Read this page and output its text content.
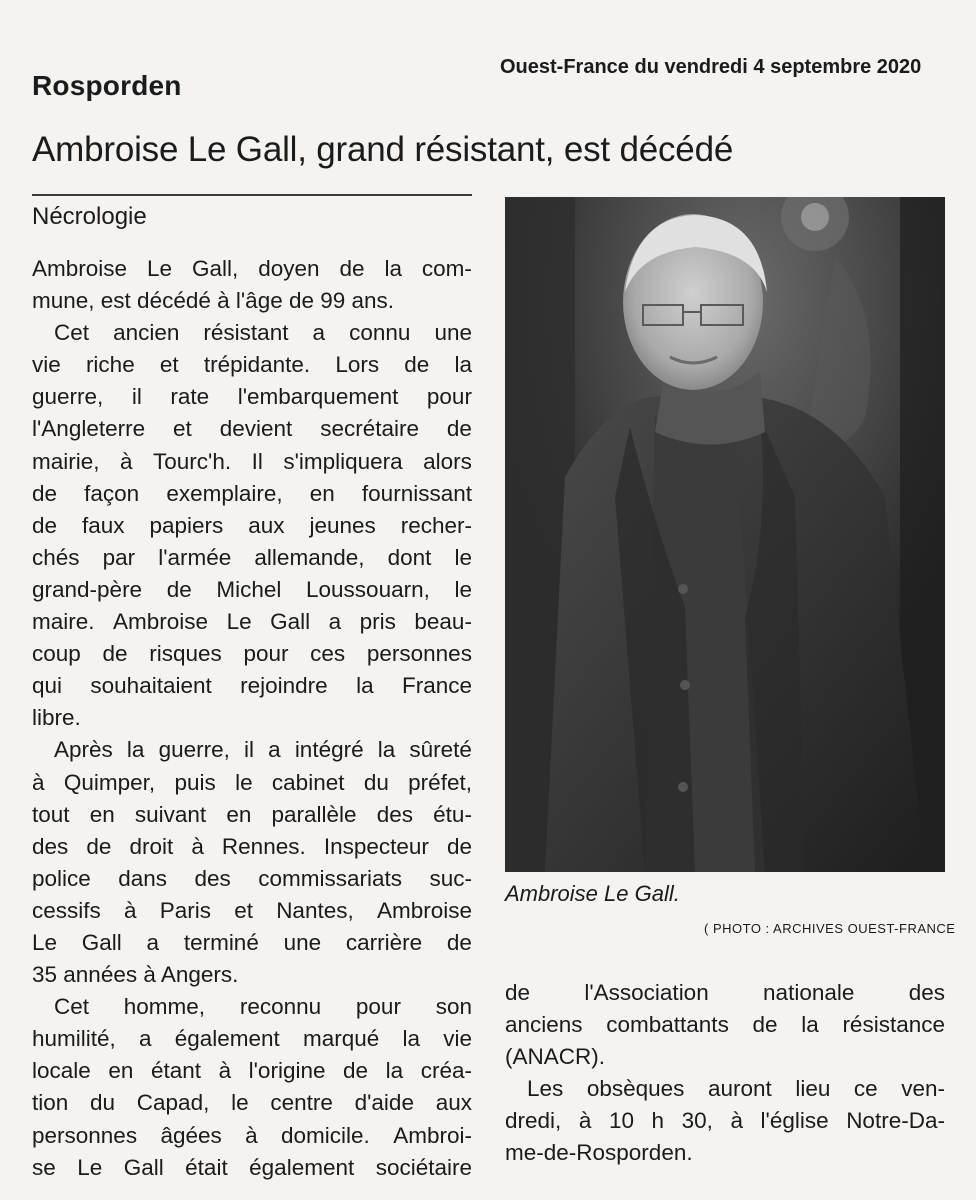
Rosporden
Ouest-France du vendredi 4 septembre 2020
Ambroise Le Gall, grand résistant, est décédé
Nécrologie
Ambroise Le Gall, doyen de la com-
mune, est décédé à l'âge de 99 ans.
Cet ancien résistant a connu une
vie riche et trépidante. Lors de la
guerre, il rate l'embarquement pour
l'Angleterre et devient secrétaire de
mairie, à Tourc'h. Il s'impliquera alors
de façon exemplaire, en fournissant
de faux papiers aux jeunes recher-
chés par l'armée allemande, dont le
grand-père de Michel Loussouarn, le
maire. Ambroise Le Gall a pris beau-
coup de risques pour ces personnes
qui souhaitaient rejoindre la France
libre.
Après la guerre, il a intégré la sûreté
à Quimper, puis le cabinet du préfet,
tout en suivant en parallèle des étu-
des de droit à Rennes. Inspecteur de
police dans des commissariats suc-
cessifs à Paris et Nantes, Ambroise
Le Gall a terminé une carrière de
35 années à Angers.
Cet homme, reconnu pour son
humilité, a également marqué la vie
locale en étant à l'origine de la créa-
tion du Capad, le centre d'aide aux
personnes âgées à domicile. Ambroi-
se Le Gall était également sociétaire
Ambroise Le Gall.
( PHOTO : ARCHIVES OUEST-FRANCE
de l'Association nationale des
anciens combattants de la résistance
(ANACR).
Les obsèques auront lieu ce ven-
dredi, à 10 h 30, à l'église Notre-Da-
me-de-Rosporden.
